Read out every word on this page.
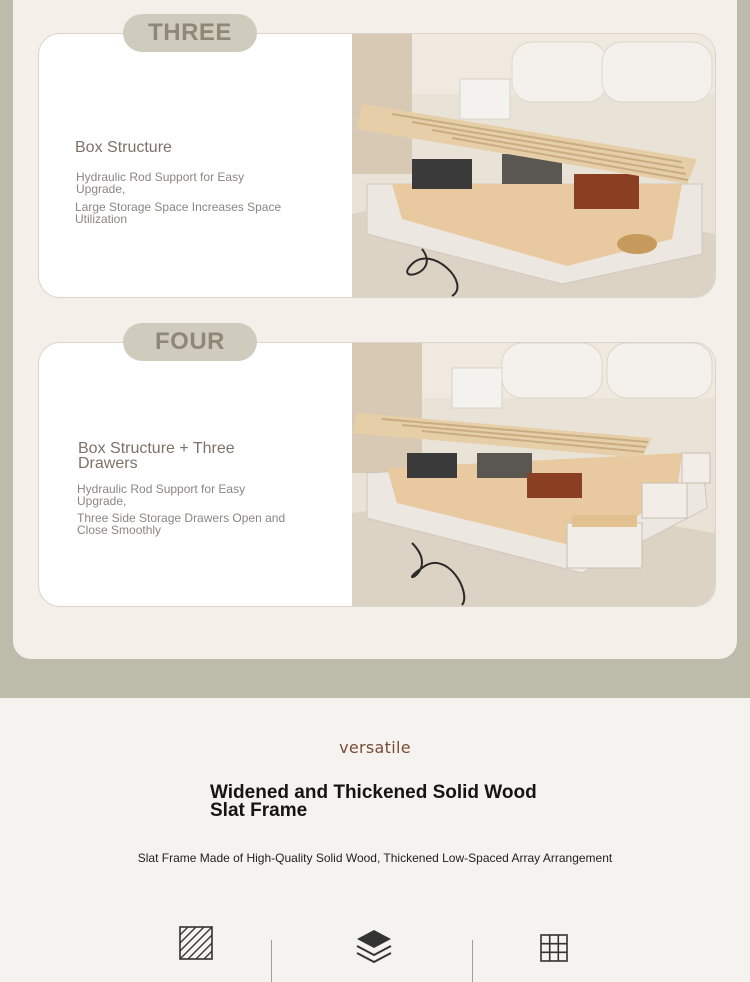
Box Structure
Hydraulic Rod Support for Easy Upgrade,
Large Storage Space Increases Space Utilization
THREE
Box Structure + Three Drawers
Hydraulic Rod Support for Easy Upgrade,
Three Side Storage Drawers Open and Close Smoothly
FOUR
versatile
Widened and Thickened Solid Wood Slat Frame
Slat Frame Made of High-Quality Solid Wood, Thickened Low-Spaced Array Arrangement
